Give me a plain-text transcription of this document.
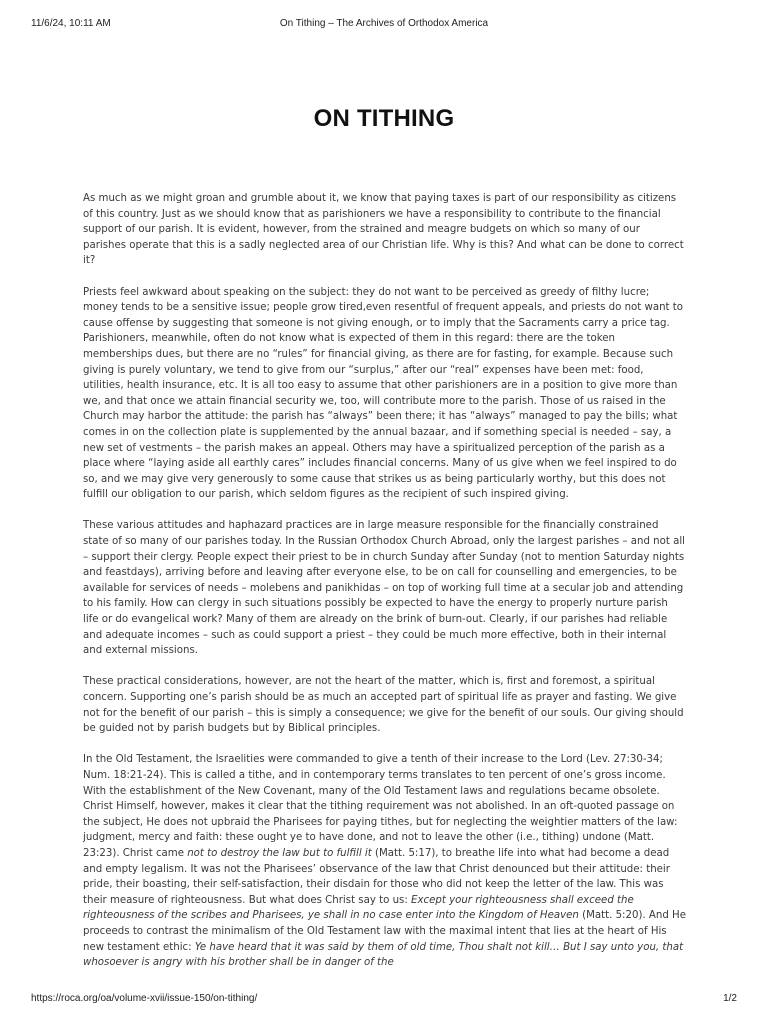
11/6/24, 10:11 AM	On Tithing – The Archives of Orthodox America
ON TITHING

As much as we might groan and grumble about it, we know that paying taxes is part of our responsibility as citizens of this country. Just as we should know that as parishioners we have a responsibility to contribute to the financial support of our parish. It is evident, however, from the strained and meagre budgets on which so many of our parishes operate that this is a sadly neglected area of our Christian life. Why is this? And what can be done to correct it?

Priests feel awkward about speaking on the subject: they do not want to be perceived as greedy of filthy lucre; money tends to be a sensitive issue; people grow tired,even resentful of frequent appeals, and priests do not want to cause offense by suggesting that someone is not giving enough, or to imply that the Sacraments carry a price tag. Parishioners, meanwhile, often do not know what is expected of them in this regard: there are the token memberships dues, but there are no “rules” for financial giving, as there are for fasting, for example. Because such giving is purely voluntary, we tend to give from our “surplus,” after our “real” expenses have been met: food, utilities, health insurance, etc. It is all too easy to assume that other parishioners are in a position to give more than we, and that once we attain financial security we, too, will contribute more to the parish. Those of us raised in the Church may harbor the attitude: the parish has “always” been there; it has “always” managed to pay the bills; what comes in on the collection plate is supplemented by the annual bazaar, and if something special is needed – say, a new set of vestments – the parish makes an appeal. Others may have a spiritualized perception of the parish as a place where “laying aside all earthly cares” includes financial concerns. Many of us give when we feel inspired to do so, and we may give very generously to some cause that strikes us as being particularly worthy, but this does not fulfill our obligation to our parish, which seldom figures as the recipient of such inspired giving.

These various attitudes and haphazard practices are in large measure responsible for the financially constrained state of so many of our parishes today. In the Russian Orthodox Church Abroad, only the largest parishes – and not all – support their clergy. People expect their priest to be in church Sunday after Sunday (not to mention Saturday nights and feastdays), arriving before and leaving after everyone else, to be on call for counselling and emergencies, to be available for services of needs – molebens and panikhidas – on top of working full time at a secular job and attending to his family. How can clergy in such situations possibly be expected to have the energy to properly nurture parish life or do evangelical work? Many of them are already on the brink of burn-out. Clearly, if our parishes had reliable and adequate incomes – such as could support a priest – they could be much more effective, both in their internal and external missions.

These practical considerations, however, are not the heart of the matter, which is, first and foremost, a spiritual concern. Supporting one’s parish should be as much an accepted part of spiritual life as prayer and fasting. We give not for the benefit of our parish – this is simply a consequence; we give for the benefit of our souls. Our giving should be guided not by parish budgets but by Biblical principles.

In the Old Testament, the Israelities were commanded to give a tenth of their increase to the Lord (Lev. 27:30-34; Num. 18:21-24). This is called a tithe, and in contemporary terms translates to ten percent of one’s gross income. With the establishment of the New Covenant, many of the Old Testament laws and regulations became obsolete. Christ Himself, however, makes it clear that the tithing requirement was not abolished. In an oft-quoted passage on the subject, He does not upbraid the Pharisees for paying tithes, but for neglecting the weightier matters of the law: judgment, mercy and faith: these ought ye to have done, and not to leave the other (i.e., tithing) undone (Matt. 23:23). Christ came not to destroy the law but to fulfill it (Matt. 5:17), to breathe life into what had become a dead and empty legalism. It was not the Pharisees’ observance of the law that Christ denounced but their attitude: their pride, their boasting, their self-satisfaction, their disdain for those who did not keep the letter of the law. This was their measure of righteousness. But what does Christ say to us: Except your righteousness shall exceed the righteousness of the scribes and Pharisees, ye shall in no case enter into the Kingdom of Heaven (Matt. 5:20). And He proceeds to contrast the minimalism of the Old Testament law with the maximal intent that lies at the heart of His new testament ethic: Ye have heard that it was said by them of old time, Thou shalt not kill… But I say unto you, that whosoever is angry with his brother shall be in danger of the

https://roca.org/oa/volume-xvii/issue-150/on-tithing/	1/2
